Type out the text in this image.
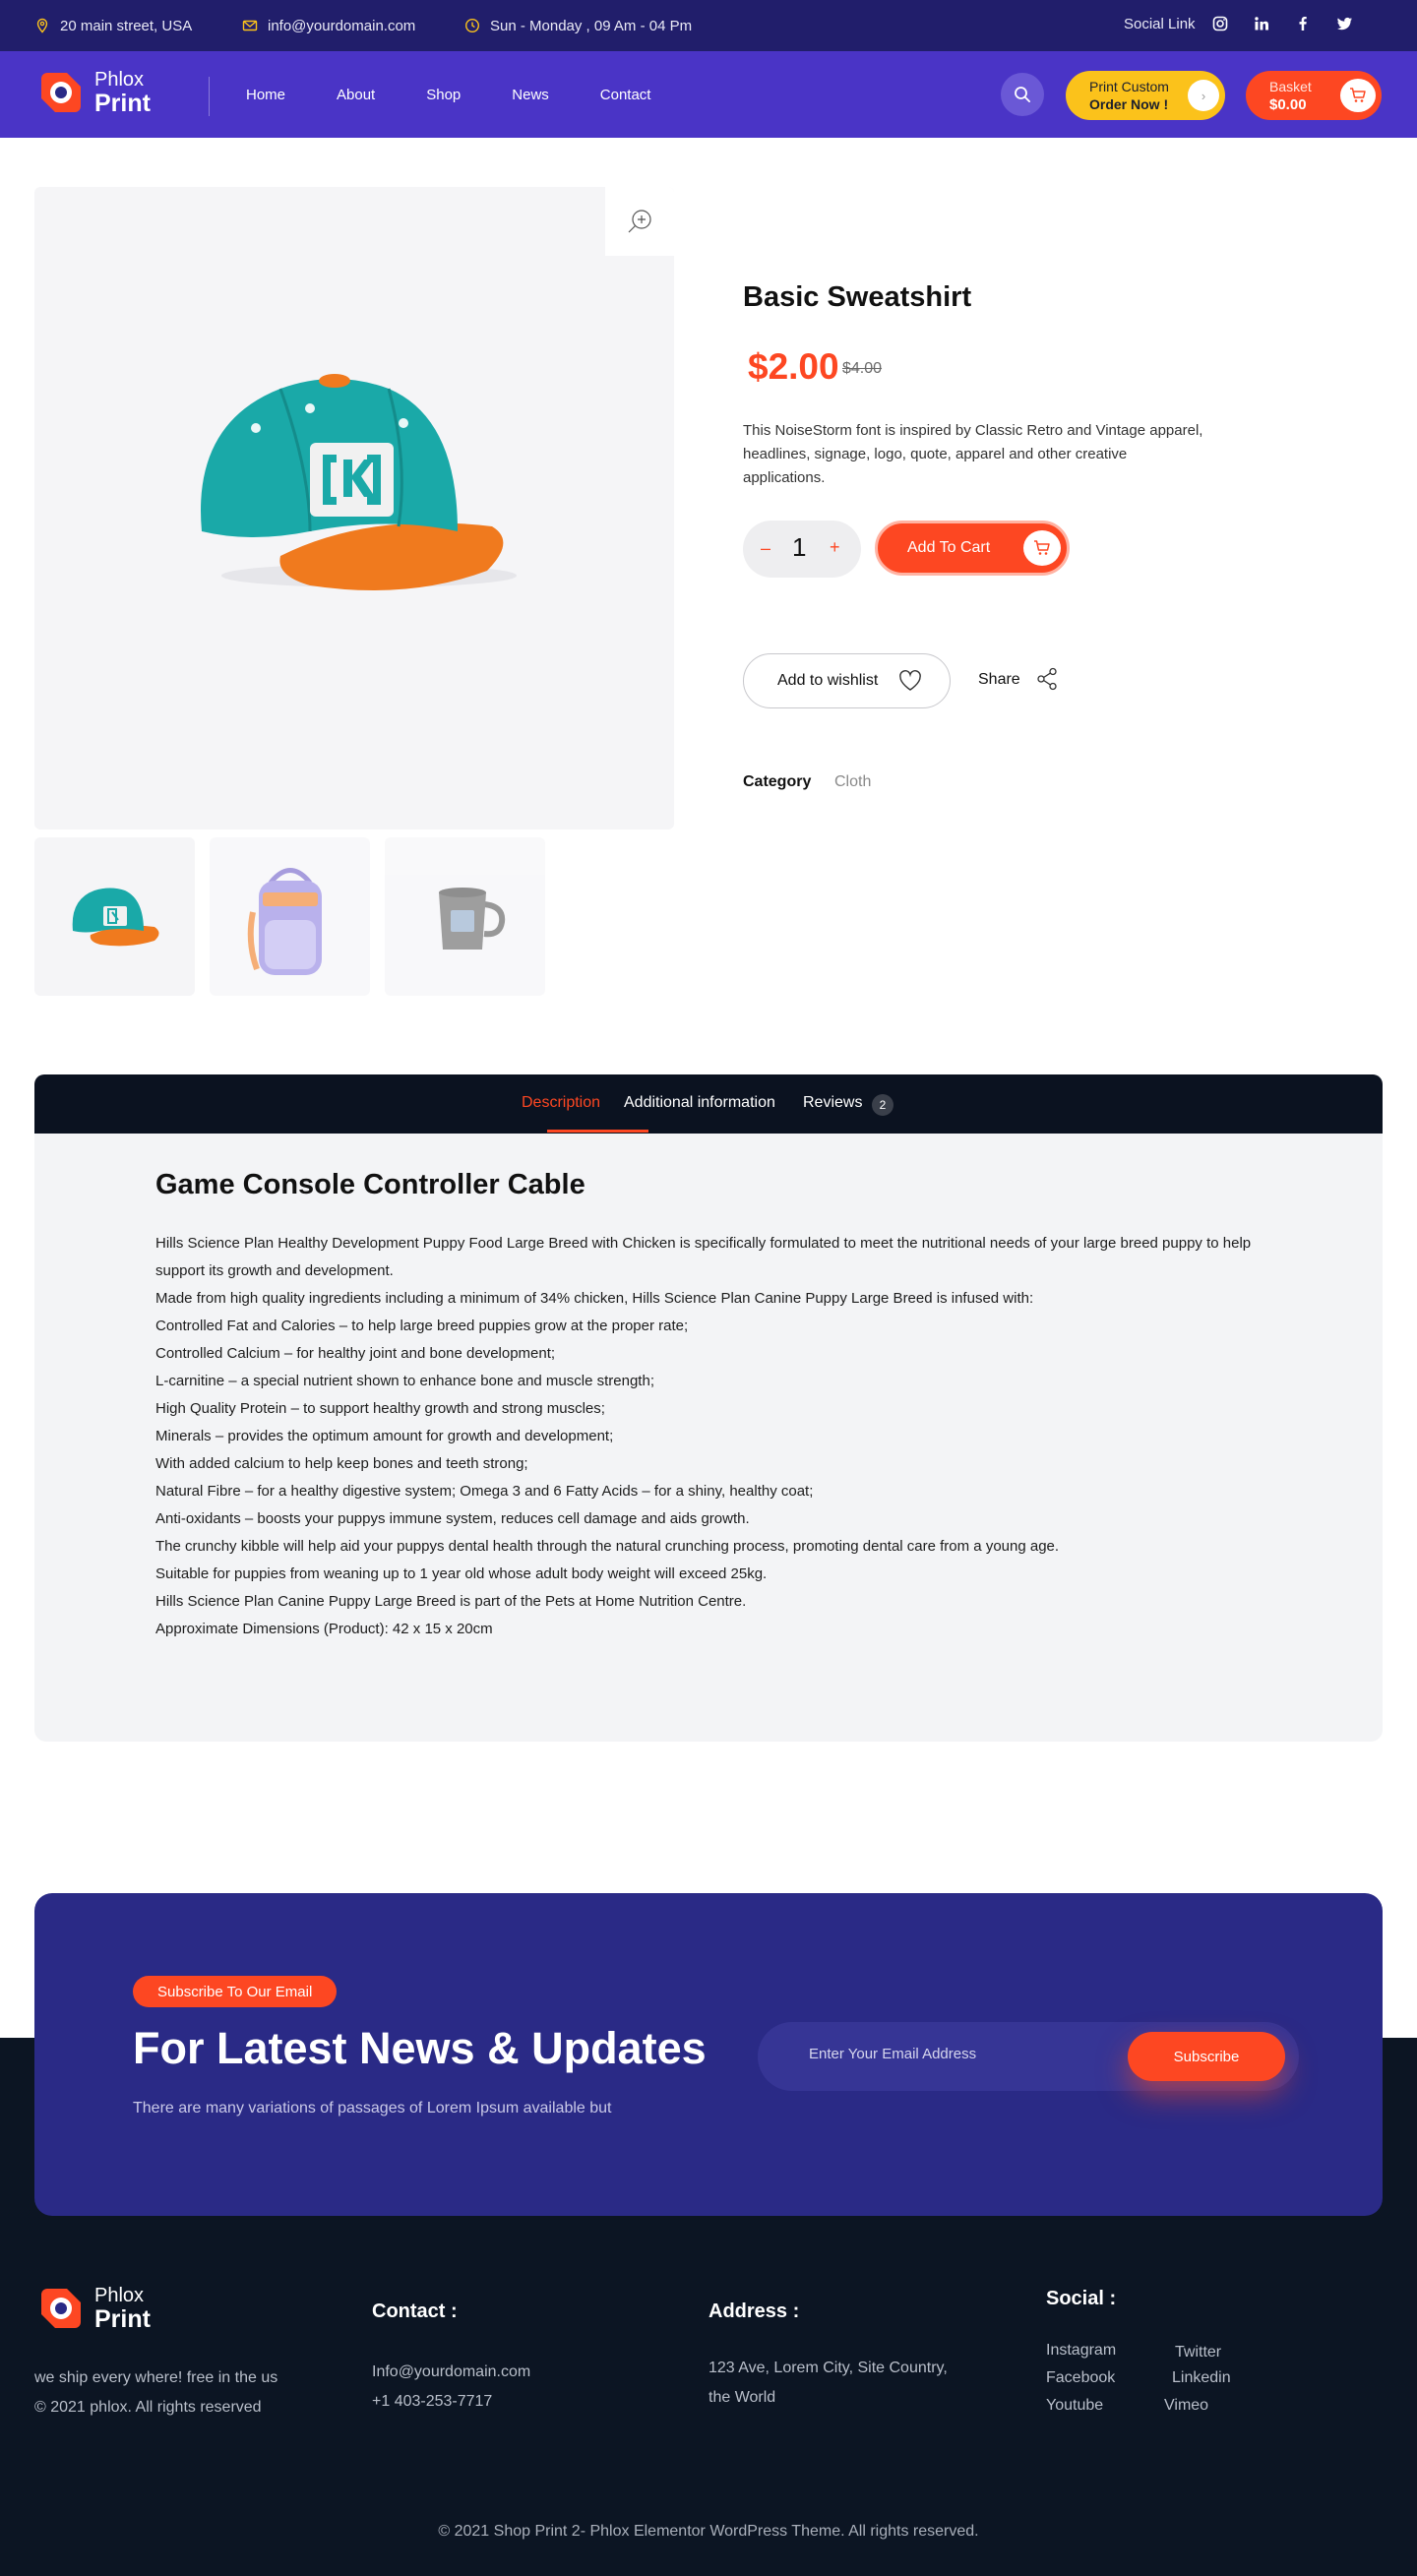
20 main street, USA	info@yourdomain.com	Sun - Monday , 09 Am - 04 Pm	Social Link
Phlox
Print	Home	About	Shop	News	Contact	Print Custom
Order Now !
›
Basket
$0.00
Basic Sweatshirt
$2.00 $4.00
This NoiseStorm font is inspired by Classic Retro and Vintage apparel, headlines, signage, logo, quote, apparel and other creative applications.
– 1 +	Add To Cart
Add to wishlist	Share
Category Cloth
Description Additional information Reviews	2
Game Console Controller Cable

Hills Science Plan Healthy Development Puppy Food Large Breed with Chicken is specifically formulated to meet the nutritional needs of your large breed puppy to help support its growth and development.

Made from high quality ingredients including a minimum of 34% chicken, Hills Science Plan Canine Puppy Large Breed is infused with:

Controlled Fat and Calories – to help large breed puppies grow at the proper rate;

Controlled Calcium – for healthy joint and bone development;

L-carnitine – a special nutrient shown to enhance bone and muscle strength;

High Quality Protein – to support healthy growth and strong muscles;

Minerals – provides the optimum amount for growth and development;

With added calcium to help keep bones and teeth strong;

Natural Fibre – for a healthy digestive system; Omega 3 and 6 Fatty Acids – for a shiny, healthy coat;

Anti-oxidants – boosts your puppys immune system, reduces cell damage and aids growth.

The crunchy kibble will help aid your puppys dental health through the natural crunching process, promoting dental care from a young age.

Suitable for puppies from weaning up to 1 year old whose adult body weight will exceed 25kg.

Hills Science Plan Canine Puppy Large Breed is part of the Pets at Home Nutrition Centre.

Approximate Dimensions (Product): 42 x 15 x 20cm

Subscribe To Our Email
For Latest News & Updates
There are many variations of passages of Lorem Ipsum available but
Enter Your Email Address
Subscribe
Phlox
Print
we ship every where! free in the us
© 2021 phlox. All rights reserved
Contact :
Info@yourdomain.com
+1 403-253-7717
Address :
123 Ave, Lorem City, Site Country,
the World
Social :
Instagram	Twitter
Facebook	Linkedin
Youtube	Vimeo
© 2021 Shop Print 2- Phlox Elementor WordPress Theme. All rights reserved.
